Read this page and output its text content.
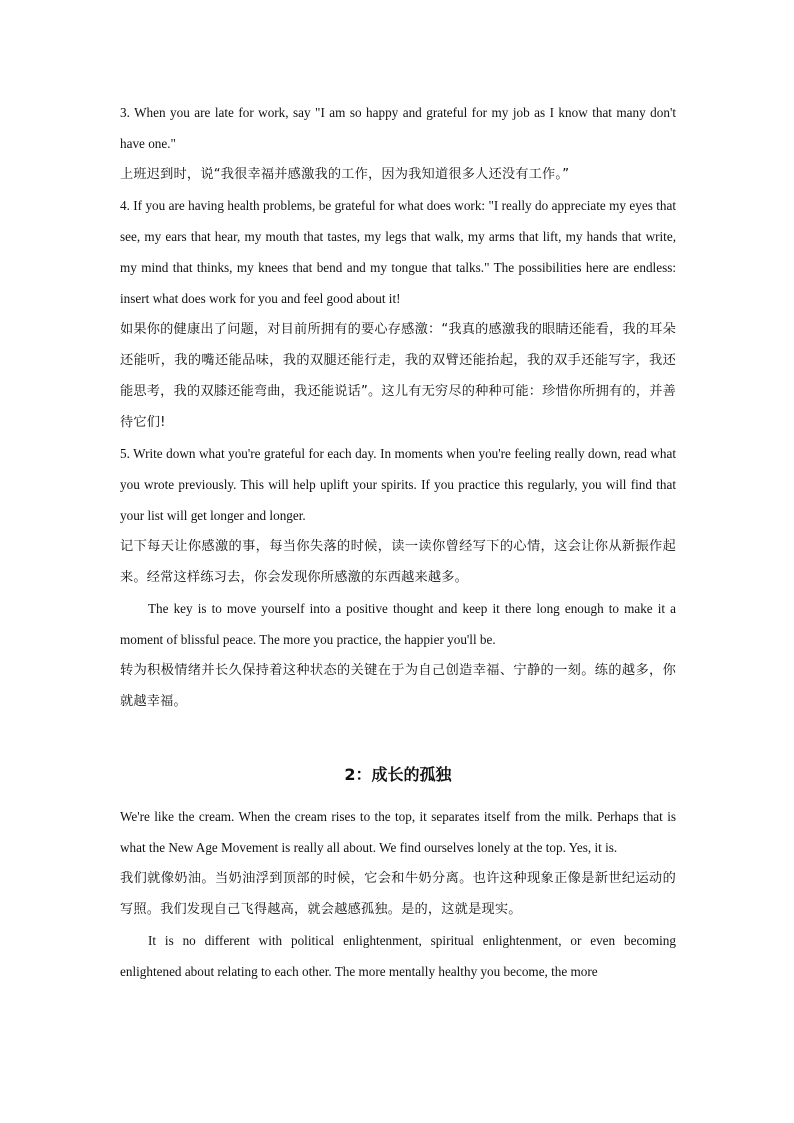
3. When you are late for work, say "I am so happy and grateful for my job as I know that many don't have one."

上班迟到时，说“我很幸福并感激我的工作，因为我知道很多人还没有工作。”

4. If you are having health problems, be grateful for what does work: "I really do appreciate my eyes that see, my ears that hear, my mouth that tastes, my legs that walk, my arms that lift, my hands that write, my mind that thinks, my knees that bend and my tongue that talks." The possibilities here are endless: insert what does work for you and feel good about it!

如果你的健康出了问题，对目前所拥有的要心存感激：“我真的感激我的眼睛还能看，我的耳朵还能听，我的嘴还能品味，我的双腿还能行走，我的双臂还能抬起，我的双手还能写字，我还能思考，我的双膝还能弯曲，我还能说话”。这儿有无穷尽的种种可能：珍惜你所拥有的，并善待它们!

5. Write down what you're grateful for each day. In moments when you're feeling really down, read what you wrote previously. This will help uplift your spirits. If you practice this regularly, you will find that your list will get longer and longer.

记下每天让你感激的事，每当你失落的时候，读一读你曾经写下的心情，这会让你从新振作起来。经常这样练习去，你会发现你所感激的东西越来越多。

The key is to move yourself into a positive thought and keep it there long enough to make it a moment of blissful peace. The more you practice, the happier you'll be.

转为积极情绪并长久保持着这种状态的关键在于为自己创造幸福、宁静的一刻。练的越多，你就越幸福。

2：成长的孤独

We're like the cream. When the cream rises to the top, it separates itself from the milk. Perhaps that is what the New Age Movement is really all about. We find ourselves lonely at the top. Yes, it is.

我们就像奶油。当奶油浮到顶部的时候，它会和牛奶分离。也许这种现象正像是新世纪运动的写照。我们发现自己飞得越高，就会越感孤独。是的，这就是现实。

It is no different with political enlightenment, spiritual enlightenment, or even becoming enlightened about relating to each other. The more mentally healthy you become, the more
